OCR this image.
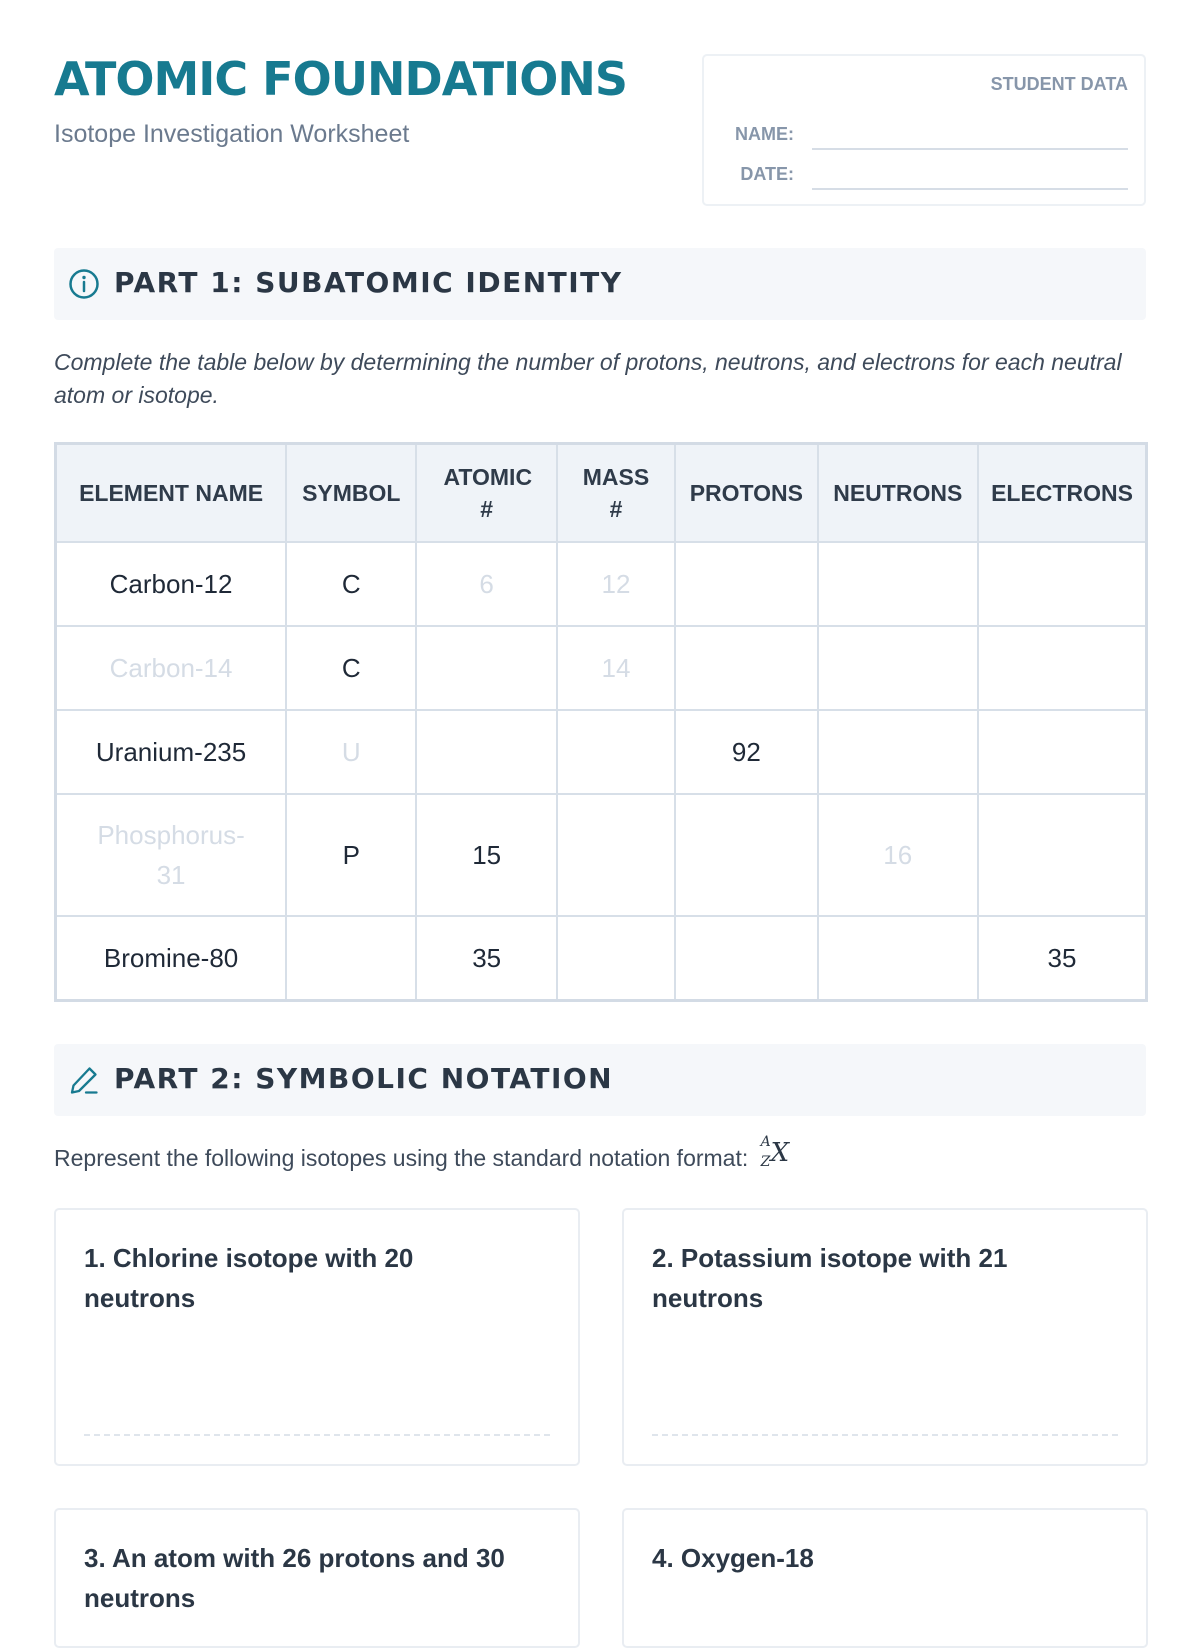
ATOMIC FOUNDATIONS

Isotope Investigation Worksheet

STUDENT DATA
NAME:
DATE:
PART 1: SUBATOMIC IDENTITY
Complete the table below by determining the number of protons, neutrons, and electrons for each neutral atom or isotope.
ELEMENT NAME	SYMBOL	ATOMIC #	MASS #	PROTONS	NEUTRONS	ELECTRONS
Carbon-12	C	6	12			
Carbon-14	C		14			
Uranium-235	U			92		
Phosphorus-31	P	15			16	
Bromine-80		35				35
PART 2: SYMBOLIC NOTATION
Represent the following isotopes using the standard notation format:
A
Z X
1. Chlorine isotope with 20 neutrons
2. Potassium isotope with 21 neutrons
3. An atom with 26 protons and 30 neutrons
4. Oxygen-18
